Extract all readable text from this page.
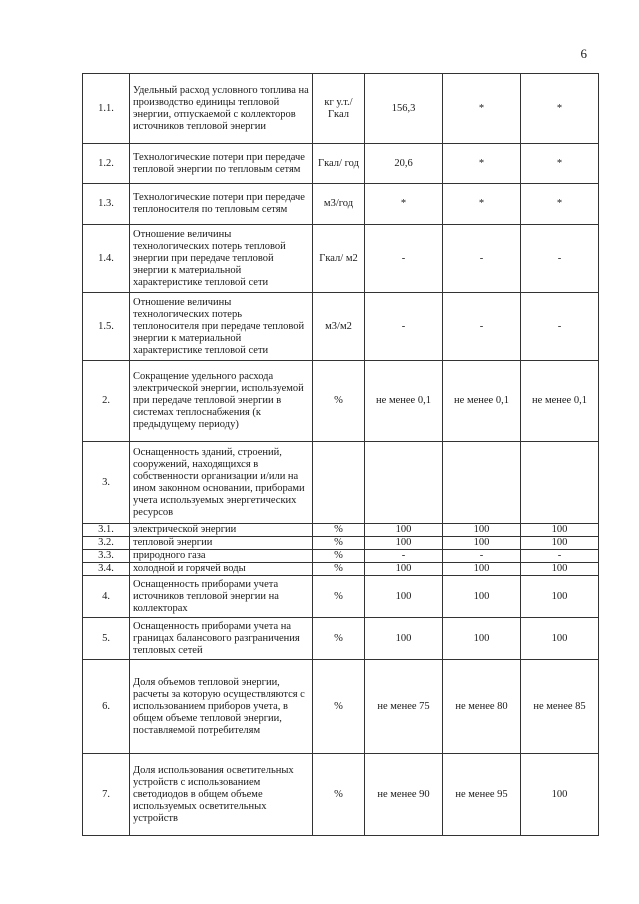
6
1.1.	Удельный расход условного топлива на производство единицы тепловой энергии, отпускаемой с коллекторов источников тепловой энергии	кг у.т./ Гкал	156,3	*	*
1.2.	Технологические потери при передаче тепловой энергии по тепловым сетям	Гкал/ год	20,6	*	*
1.3.	Технологические потери при передаче теплоносителя по тепловым сетям	м3/год	*	*	*
1.4.	Отношение величины технологических потерь тепловой энергии при передаче тепловой энергии к материальной характеристике тепловой сети	Гкал/ м2	-	-	-
1.5.	Отношение величины технологических потерь теплоносителя при передаче тепловой энергии к материальной характеристике тепловой сети	м3/м2	-	-	-
2.	Сокращение удельного расхода электрической энергии, используемой при передаче тепловой энергии в системах теплоснабжения (к предыдущему периоду)	%	не менее 0,1	не менее 0,1	не менее 0,1
3.	Оснащенность зданий, строений, сооружений, находящихся в собственности организации и/или на ином законном основании, приборами учета используемых энергетических ресурсов				
3.1.	электрической энергии	%	100	100	100
3.2.	тепловой энергии	%	100	100	100
3.3.	природного газа	%	-	-	-
3.4.	холодной и горячей воды	%	100	100	100
4.	Оснащенность приборами учета источников тепловой энергии на коллекторах	%	100	100	100
5.	Оснащенность приборами учета на границах балансового разграничения тепловых сетей	%	100	100	100
6.	Доля объемов тепловой энергии, расчеты за которую осуществляются с использованием приборов учета, в общем объеме тепловой энергии, поставляемой потребителям	%	не менее 75	не менее 80	не менее 85
7.	Доля использования осветительных устройств с использованием светодиодов в общем объеме используемых осветительных устройств	%	не менее 90	не менее 95	100
